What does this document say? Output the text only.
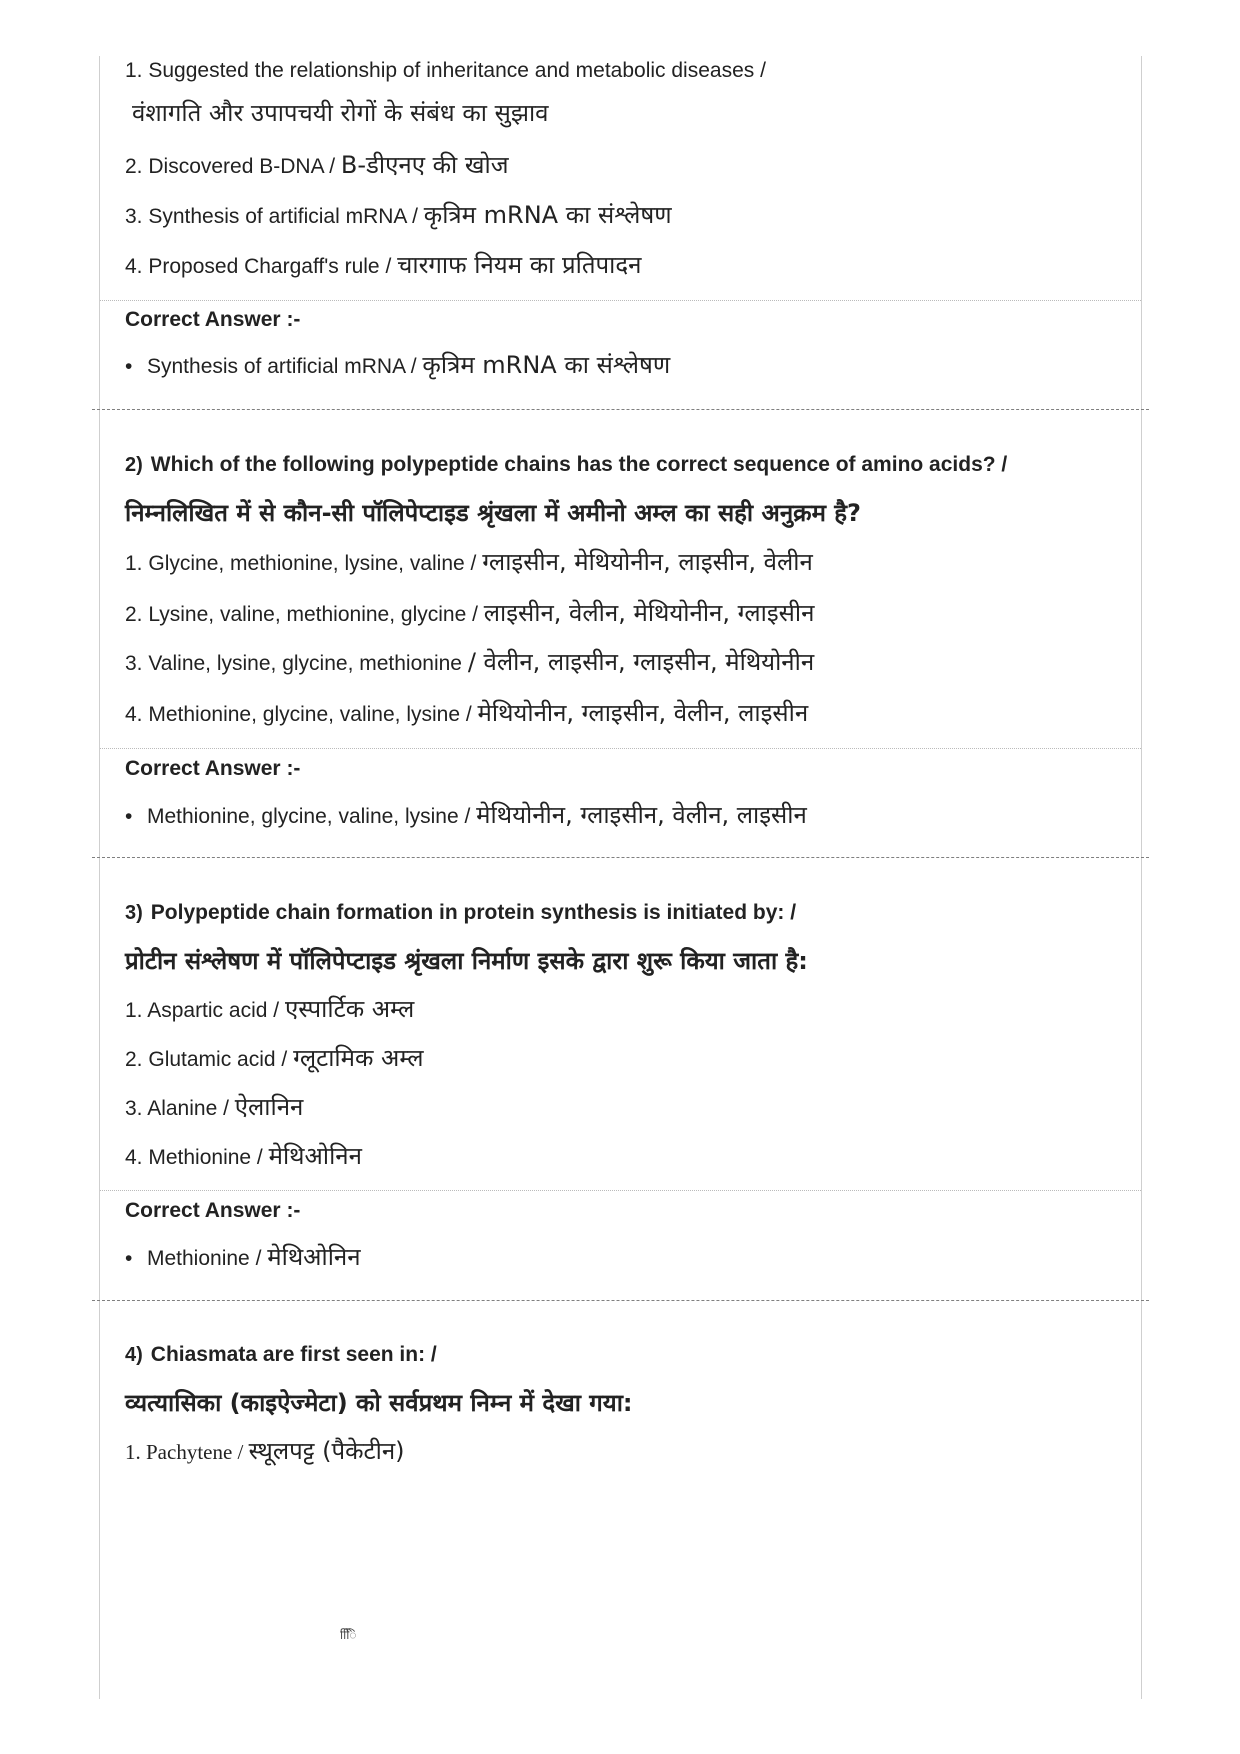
1. Suggested the relationship of inheritance and metabolic diseases /
वंशागति और उपापचयी रोगों के संबंध का सुझाव
2. Discovered B-DNA / B-डीएनए की खोज
3. Synthesis of artificial mRNA / कृत्रिम mRNA का संश्लेषण
4. Proposed Chargaff's rule / चारगाफ नियम का प्रतिपादन
Correct Answer :-
• Synthesis of artificial mRNA / कृत्रिम mRNA का संश्लेषण
2) Which of the following polypeptide chains has the correct sequence of amino acids? /
निम्नलिखित में से कौन-सी पॉलिपेप्टाइड श्रृंखला में अमीनो अम्ल का सही अनुक्रम है?
1. Glycine, methionine, lysine, valine / ग्लाइसीन, मेथियोनीन, लाइसीन, वेलीन
2. Lysine, valine, methionine, glycine / लाइसीन, वेलीन, मेथियोनीन, ग्लाइसीन
3. Valine, lysine, glycine, methionine / वेलीन, लाइसीन, ग्लाइसीन, मेथियोनीन
4. Methionine, glycine, valine, lysine / मेथियोनीन, ग्लाइसीन, वेलीन, लाइसीन
Correct Answer :-
• Methionine, glycine, valine, lysine / मेथियोनीन, ग्लाइसीन, वेलीन, लाइसीन
3) Polypeptide chain formation in protein synthesis is initiated by: /
प्रोटीन संश्लेषण में पॉलिपेप्टाइड श्रृंखला निर्माण इसके द्वारा शुरू किया जाता है:
1. Aspartic acid / एस्पार्टिक अम्ल
2. Glutamic acid / ग्लूटामिक अम्ल
3. Alanine / ऐलानिन
4. Methionine / मेथिओनिन
Correct Answer :-
• Methionine / मेथिओनिन
4) Chiasmata are first seen in: /
व्यत्यासिका (काइऐज्मेटा) को सर्वप्रथम निम्न में देखा गया:
1. Pachytene / स्थूलपट्ट (पैकेटीन)
ििि
